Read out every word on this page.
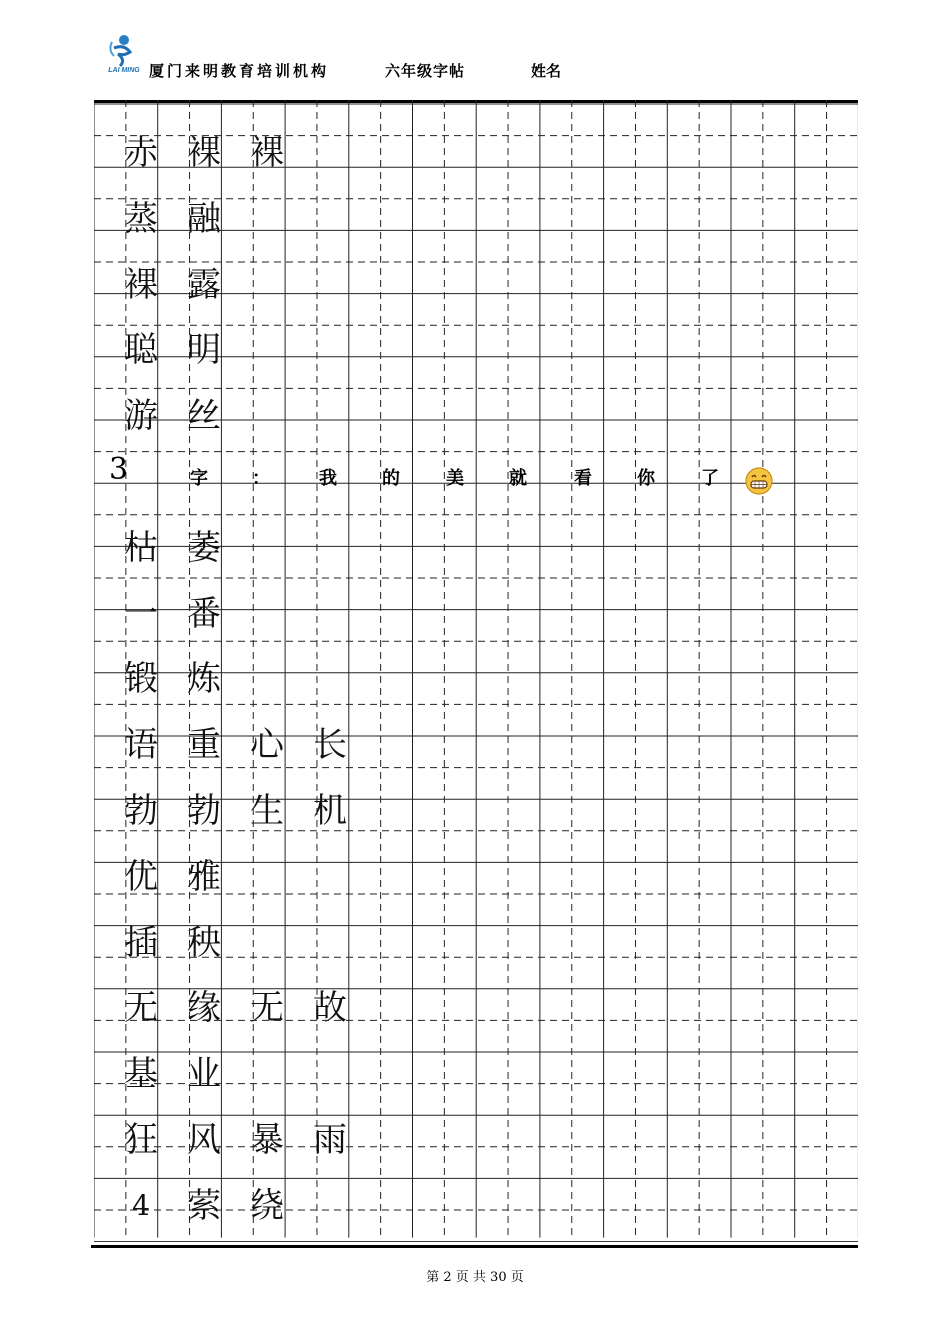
LAI MING 厦门来明教育培训机构	六年级字帖	姓名
赤 裸 裸
蒸 融
裸 露
聪 明
游 丝
3	字 ：	我	的	美	就	看	你	了
枯 萎
一 番
锻 炼
语 重 心 长
勃 勃 生 机
优 雅
插 秧
无 缘 无 故
基 业
狂 风 暴 雨
4	萦 绕
第 2 页 共 30 页
